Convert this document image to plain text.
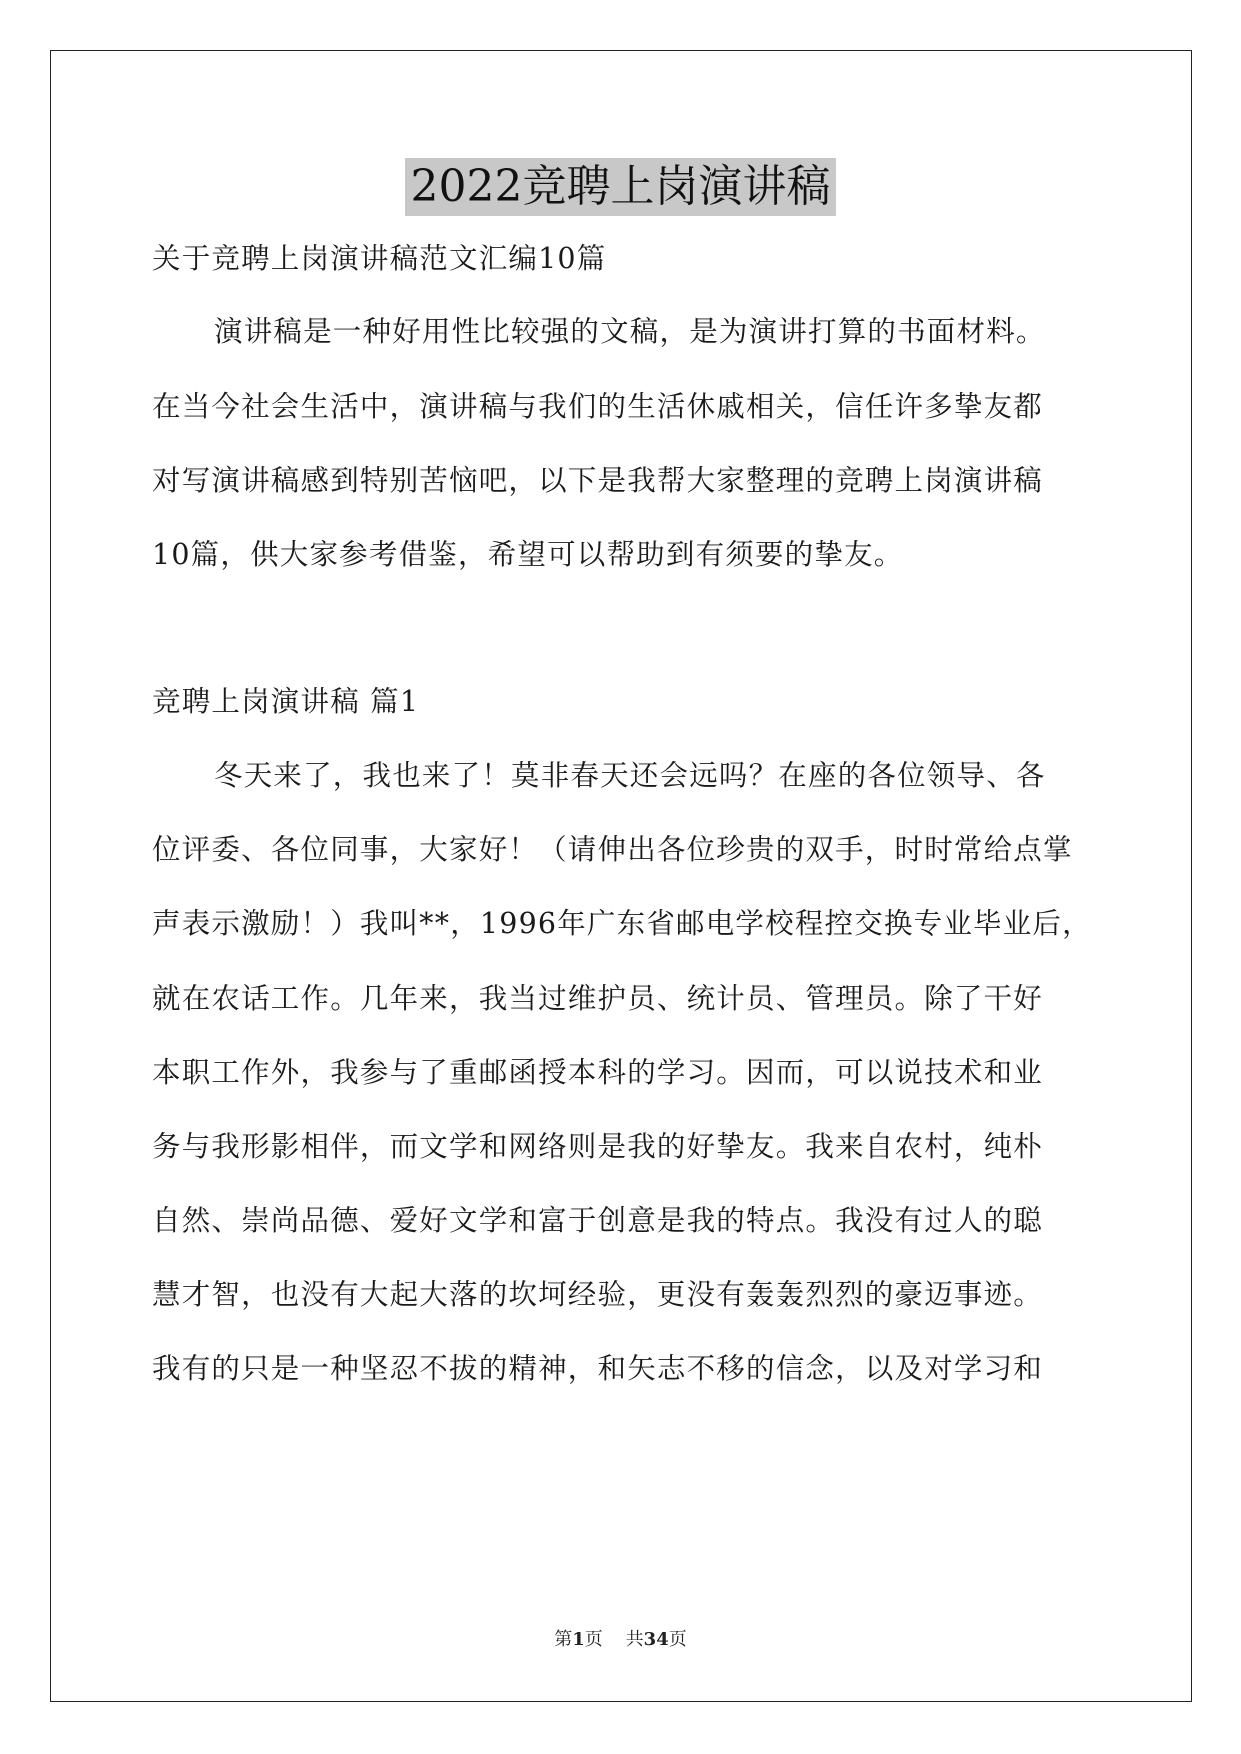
2022竞聘上岗演讲稿
关于竞聘上岗演讲稿范文汇编10篇
演讲稿是一种好用性比较强的文稿，是为演讲打算的书面材料。
在当今社会生活中，演讲稿与我们的生活休戚相关，信任许多挚友都
对写演讲稿感到特别苦恼吧，以下是我帮大家整理的竞聘上岗演讲稿
10篇，供大家参考借鉴，希望可以帮助到有须要的挚友。
竞聘上岗演讲稿 篇1
冬天来了，我也来了！莫非春天还会远吗？在座的各位领导、各
位评委、各位同事，大家好！（请伸出各位珍贵的双手，时时常给点掌
声表示激励！）我叫**，1996年广东省邮电学校程控交换专业毕业后，
就在农话工作。几年来，我当过维护员、统计员、管理员。除了干好
本职工作外，我参与了重邮函授本科的学习。因而，可以说技术和业
务与我形影相伴，而文学和网络则是我的好挚友。我来自农村，纯朴
自然、崇尚品德、爱好文学和富于创意是我的特点。我没有过人的聪
慧才智，也没有大起大落的坎坷经验，更没有轰轰烈烈的豪迈事迹。
我有的只是一种坚忍不拔的精神，和矢志不移的信念，以及对学习和
第1页    共34页
